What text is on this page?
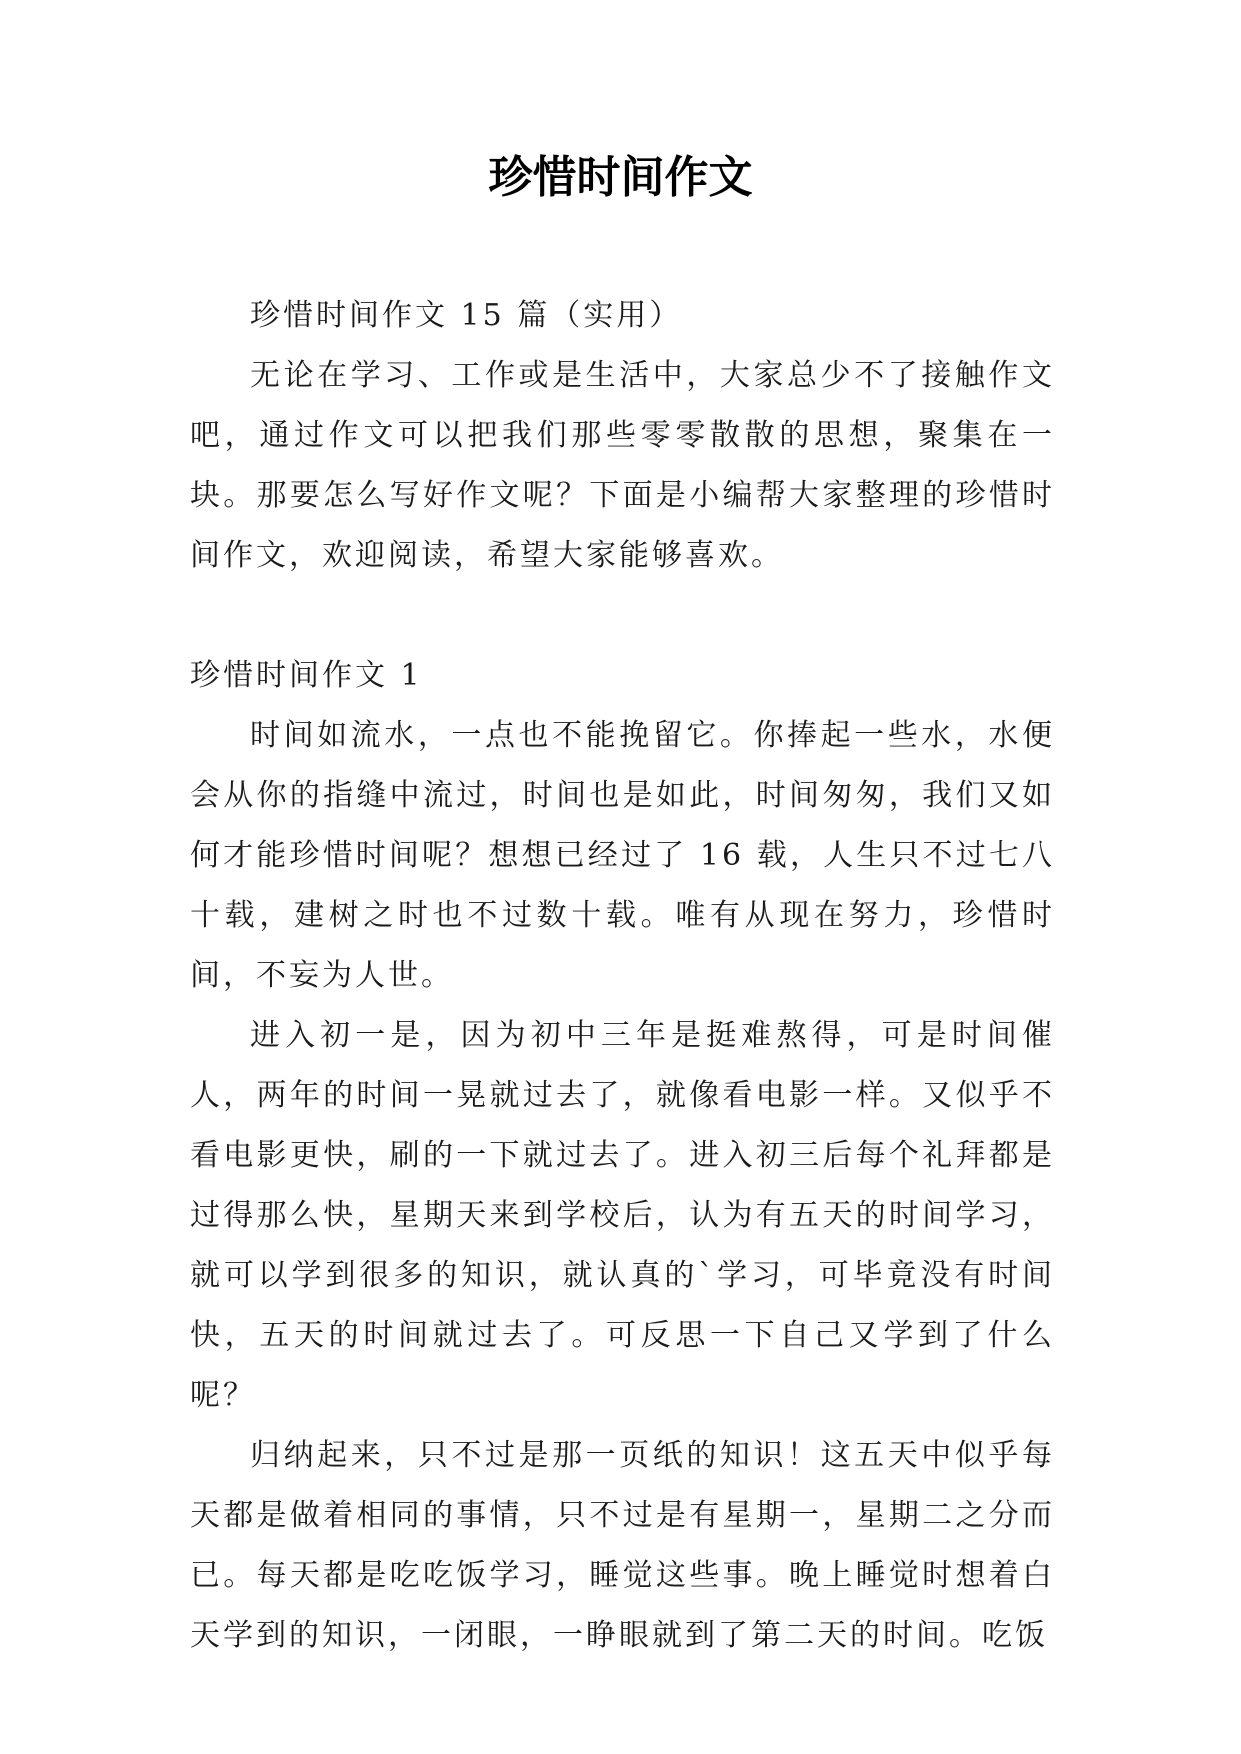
珍惜时间作文

珍惜时间作文 15 篇（实用）

无论在学习、工作或是生活中，大家总少不了接触作文吧，通过作文可以把我们那些零零散散的思想，聚集在一块。那要怎么写好作文呢？下面是小编帮大家整理的珍惜时间作文，欢迎阅读，希望大家能够喜欢。

珍惜时间作文 1

时间如流水，一点也不能挽留它。你捧起一些水，水便会从你的指缝中流过，时间也是如此，时间匆匆，我们又如何才能珍惜时间呢？想想已经过了 16 载，人生只不过七八十载，建树之时也不过数十载。唯有从现在努力，珍惜时间，不妄为人世。

进入初一是，因为初中三年是挺难熬得，可是时间催人，两年的时间一晃就过去了，就像看电影一样。又似乎不看电影更快，刷的一下就过去了。进入初三后每个礼拜都是过得那么快，星期天来到学校后，认为有五天的时间学习，就可以学到很多的知识，就认真的`学习，可毕竟没有时间快，五天的时间就过去了。可反思一下自己又学到了什么呢？

归纳起来，只不过是那一页纸的知识！这五天中似乎每天都是做着相同的事情，只不过是有星期一，星期二之分而已。每天都是吃吃饭学习，睡觉这些事。晚上睡觉时想着白天学到的知识，一闭眼，一睁眼就到了第二天的时间。吃饭
